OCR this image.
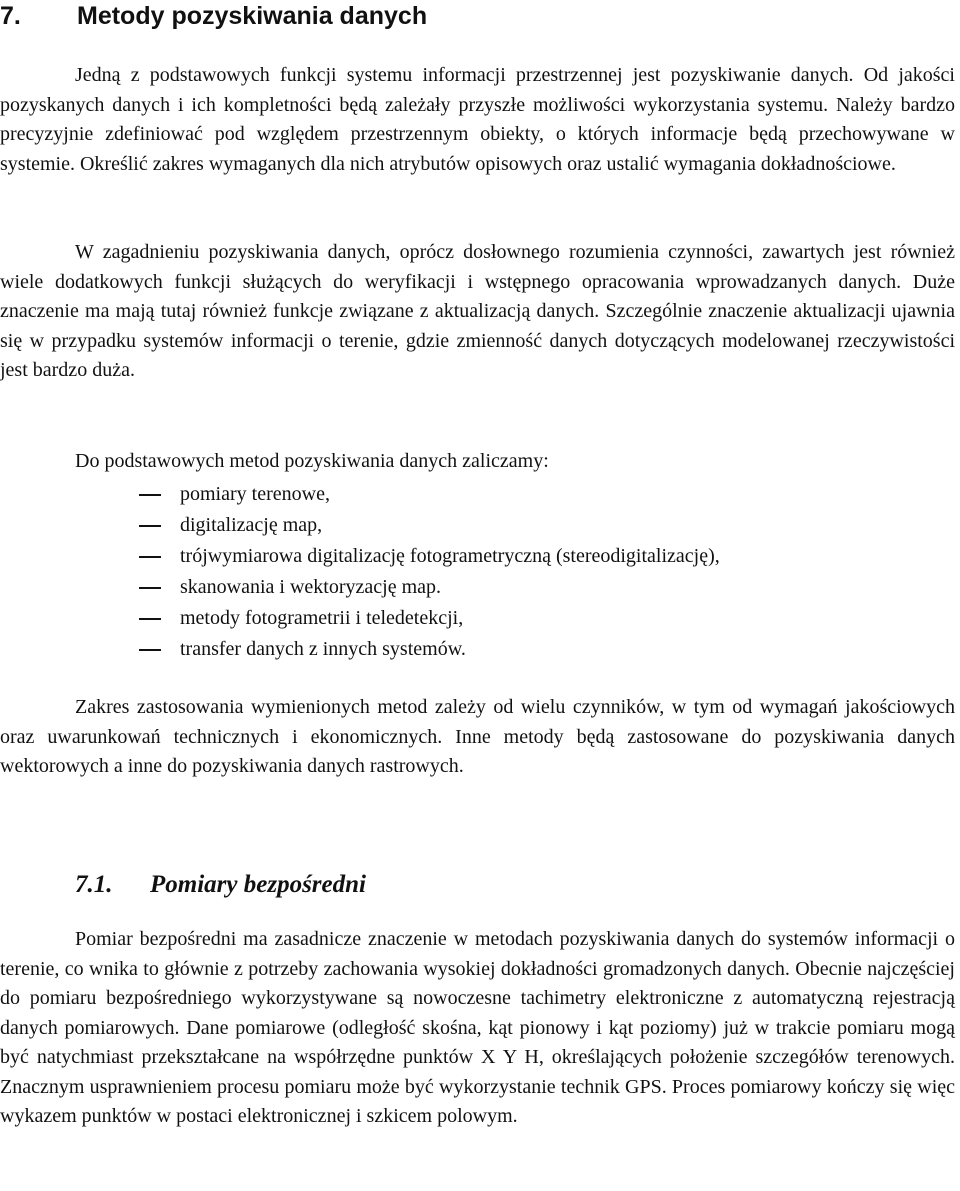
7. Metody pozyskiwania danych

Jedną z podstawowych funkcji systemu informacji przestrzennej jest pozyskiwanie danych. Od jakości pozyskanych danych i ich kompletności będą zależały przyszłe możliwości wykorzystania systemu. Należy bardzo precyzyjnie zdefiniować pod względem przestrzennym obiekty, o których informacje będą przechowywane w systemie. Określić zakres wymaganych dla nich atrybutów opisowych oraz ustalić wymagania dokładnościowe.

W zagadnieniu pozyskiwania danych, oprócz dosłownego rozumienia czynności, zawartych jest również wiele dodatkowych funkcji służących do weryfikacji i wstępnego opracowania wprowadzanych danych. Duże znaczenie ma mają tutaj również funkcje związane z aktualizacją danych. Szczególnie znaczenie aktualizacji ujawnia się w przypadku systemów informacji o terenie, gdzie zmienność danych dotyczących modelowanej rzeczywistości jest bardzo duża.

Do podstawowych metod pozyskiwania danych zaliczamy:

pomiary terenowe,
digitalizację map,
trójwymiarowa digitalizację fotogrametryczną (stereodigitalizację),
skanowania i wektoryzację map.
metody fotogrametrii i teledetekcji,
transfer danych z innych systemów.

Zakres zastosowania wymienionych metod zależy od wielu czynników, w tym od wymagań jakościowych oraz uwarunkowań technicznych i ekonomicznych. Inne metody będą zastosowane do pozyskiwania danych wektorowych a inne do pozyskiwania danych rastrowych.

7.1. Pomiary bezpośredni

Pomiar bezpośredni ma zasadnicze znaczenie w metodach pozyskiwania danych do systemów informacji o terenie, co wnika to głównie z potrzeby zachowania wysokiej dokładności gromadzonych danych. Obecnie najczęściej do pomiaru bezpośredniego wykorzystywane są nowoczesne tachimetry elektroniczne z automatyczną rejestracją danych pomiarowych. Dane pomiarowe (odległość skośna, kąt pionowy i kąt poziomy) już w trakcie pomiaru mogą być natychmiast przekształcane na współrzędne punktów X Y H, określających położenie szczegółów terenowych. Znacznym usprawnieniem procesu pomiaru może być wykorzystanie technik GPS. Proces pomiarowy kończy się więc wykazem punktów w postaci elektronicznej i szkicem polowym.
